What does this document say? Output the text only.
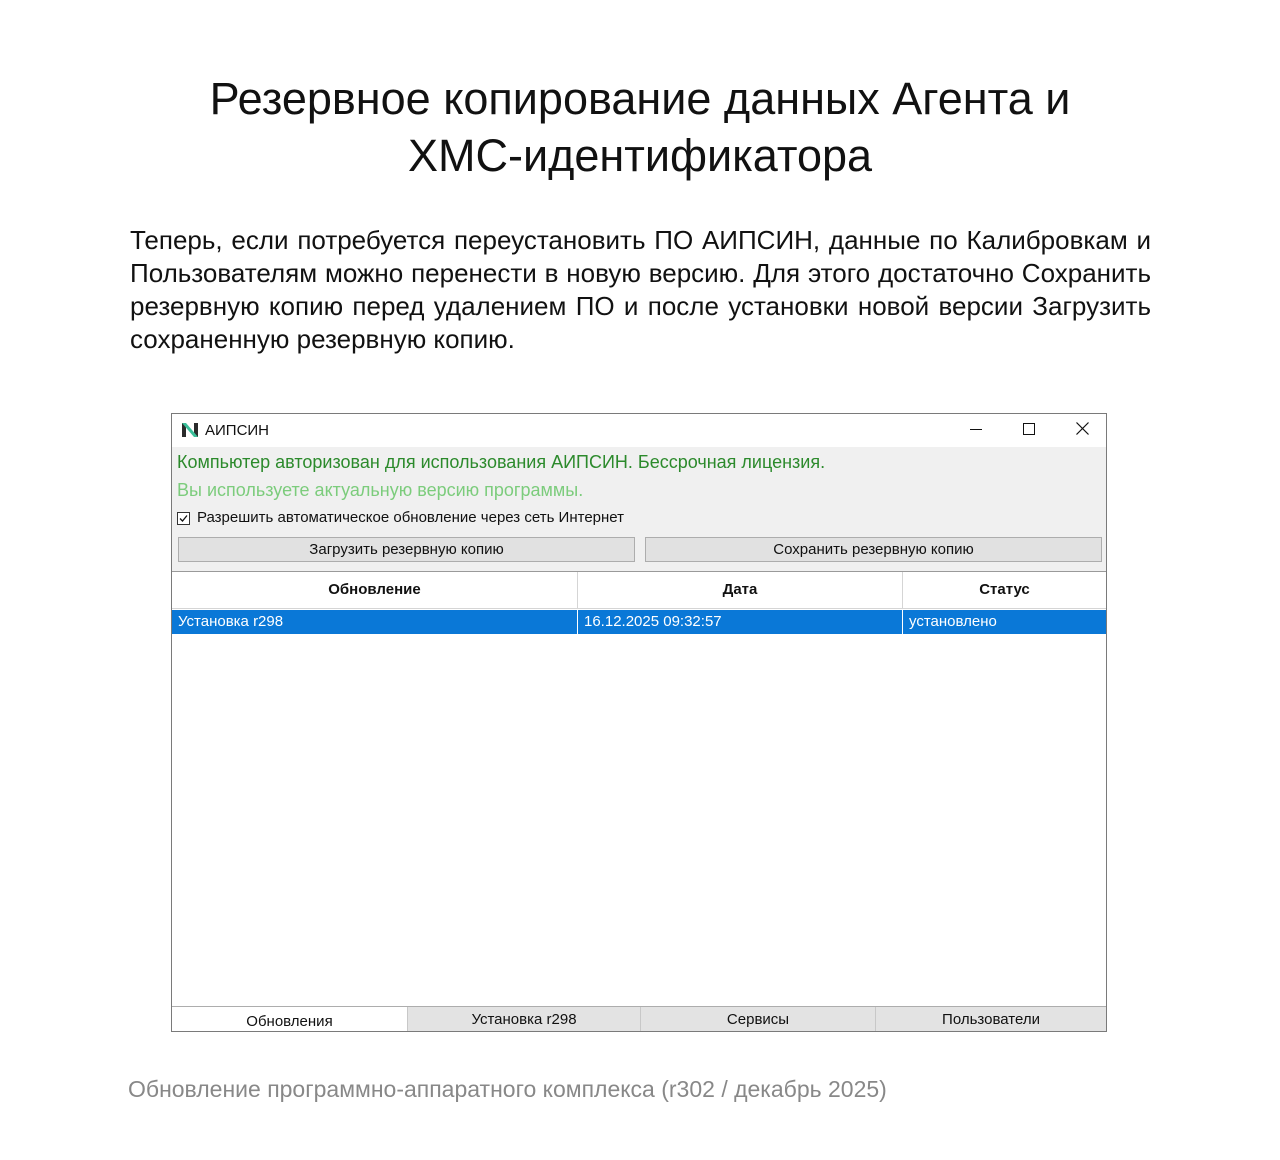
Резервное копирование данных Агента и
XMC-идентификатора

Теперь, если потребуется переустановить ПО АИПСИН, данные по Калибровкам и Пользователям можно перенести в новую версию. Для этого достаточно Сохранить резервную копию перед удалением ПО и после установки новой версии Загрузить сохраненную резервную копию.

АИПСИН
Компьютер авторизован для использования АИПСИН. Бессрочная лицензия.
Вы используете актуальную версию программы.
Разрешить автоматическое обновление через сеть Интернет
Загрузить резервную копию	Сохранить резервную копию
Обновление	Дата	Статус
Установка r298	16.12.2025 09:32:57	установлено
Обновления	Установка r298	Сервисы	Пользователи

Обновление программно-аппаратного комплекса (r302 / декабрь 2025)
